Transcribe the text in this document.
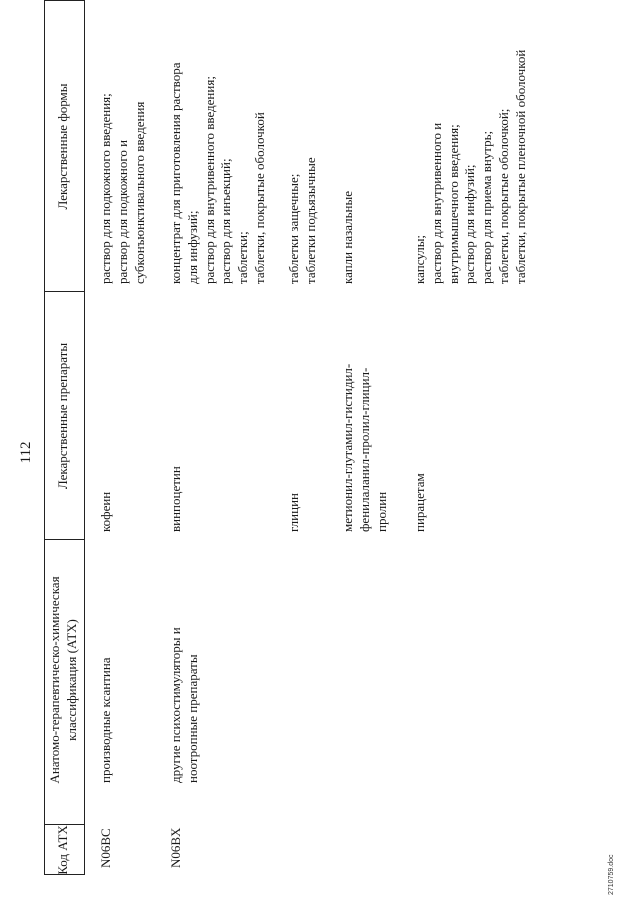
112
Код АТХ
Анатомо-терапевтическо-химическая классификация (АТХ)
Лекарственные препараты
Лекарственные формы
N06BC
производные ксантина
кофеин
раствор для подкожного введения; раствор для подкожного и субконъюнктивального введения
N06BX
другие психостимуляторы и ноотропные препараты
винпоцетин
концентрат для приготовления раствора для инфузий; раствор для внутривенного введения; раствор для инъекций; таблетки; таблетки, покрытые оболочкой
глицин
таблетки защечные; таблетки подъязычные
метионил-глутамил-гистидил- фенилаланил-пролил-глицил- пролин
капли назальные
пирацетам
капсулы; раствор для внутривенного и внутримышечного введения; раствор для инфузий; раствор для приема внутрь; таблетки, покрытые оболочкой; таблетки, покрытые пленочной оболочкой
2710759.doc
